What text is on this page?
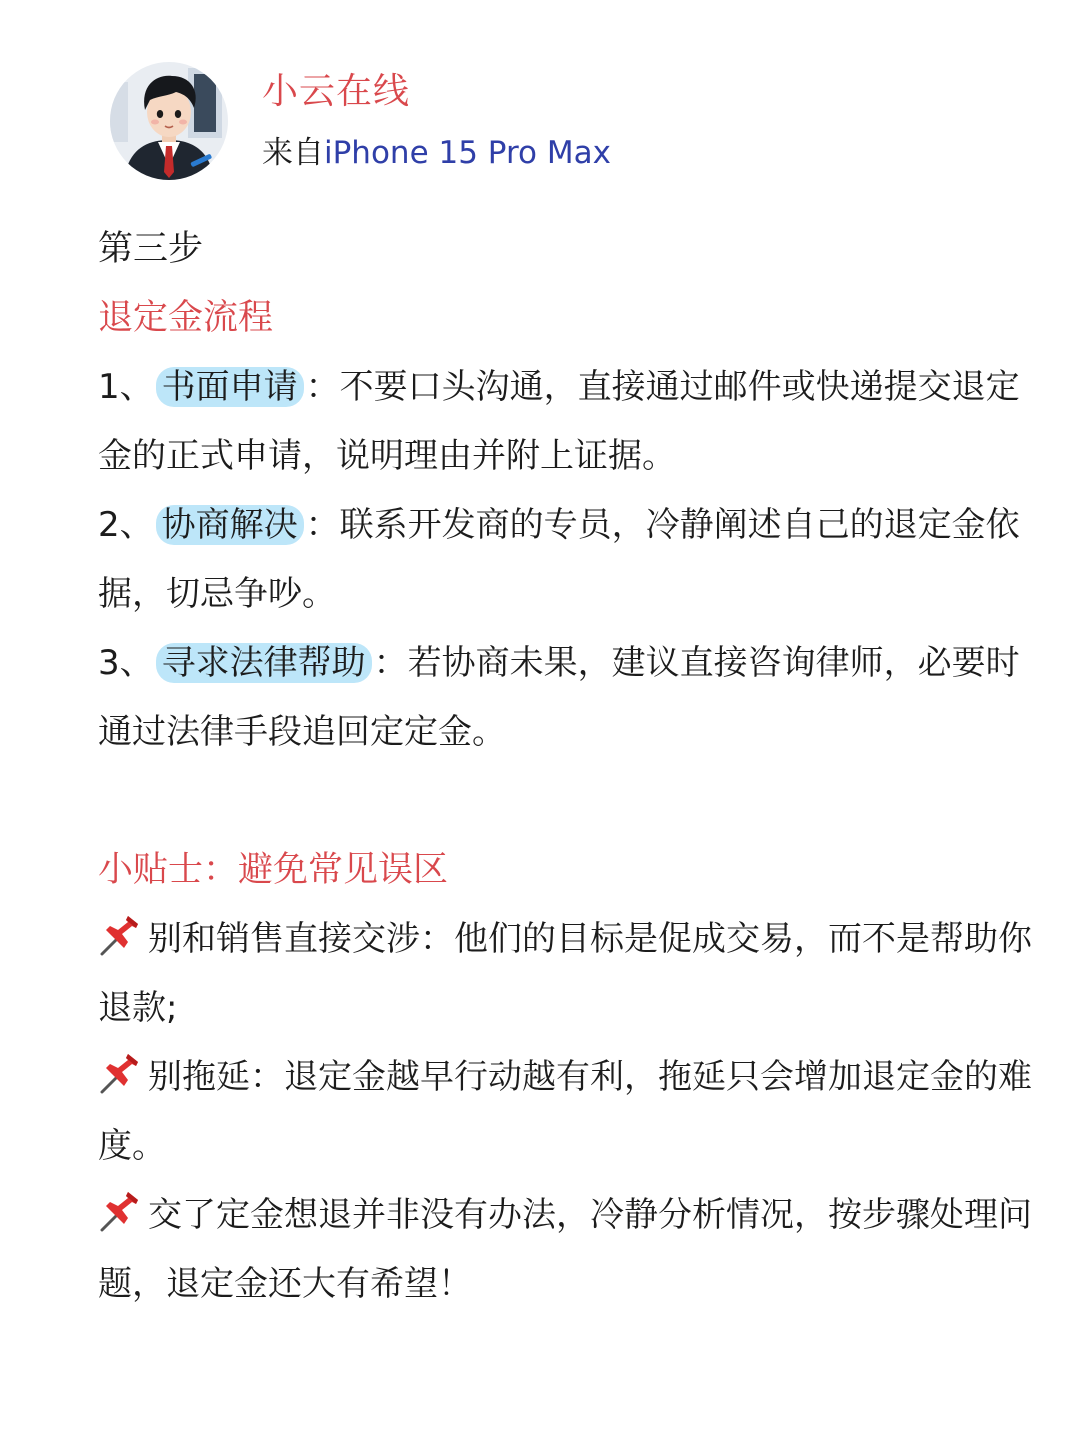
小云在线
来自iPhone 15 Pro Max

第三步

退定金流程

1、 书面申请 ：不要口头沟通，直接通过邮件或快递提交退定金的正式申请，说明理由并附上证据。

2、 协商解决 ：联系开发商的专员，冷静阐述自己的退定金依据，切忌争吵。

3、 寻求法律帮助 ：若协商未果，建议直接咨询律师，必要时通过法律手段追回定定金。

小贴士：避免常见误区

别和销售直接交涉：他们的目标是促成交易，而不是帮助你退款;

别拖延：退定金越早行动越有利，拖延只会增加退定金的难度。

交了定金想退并非没有办法，冷静分析情况，按步骤处理问题，退定金还大有希望！
